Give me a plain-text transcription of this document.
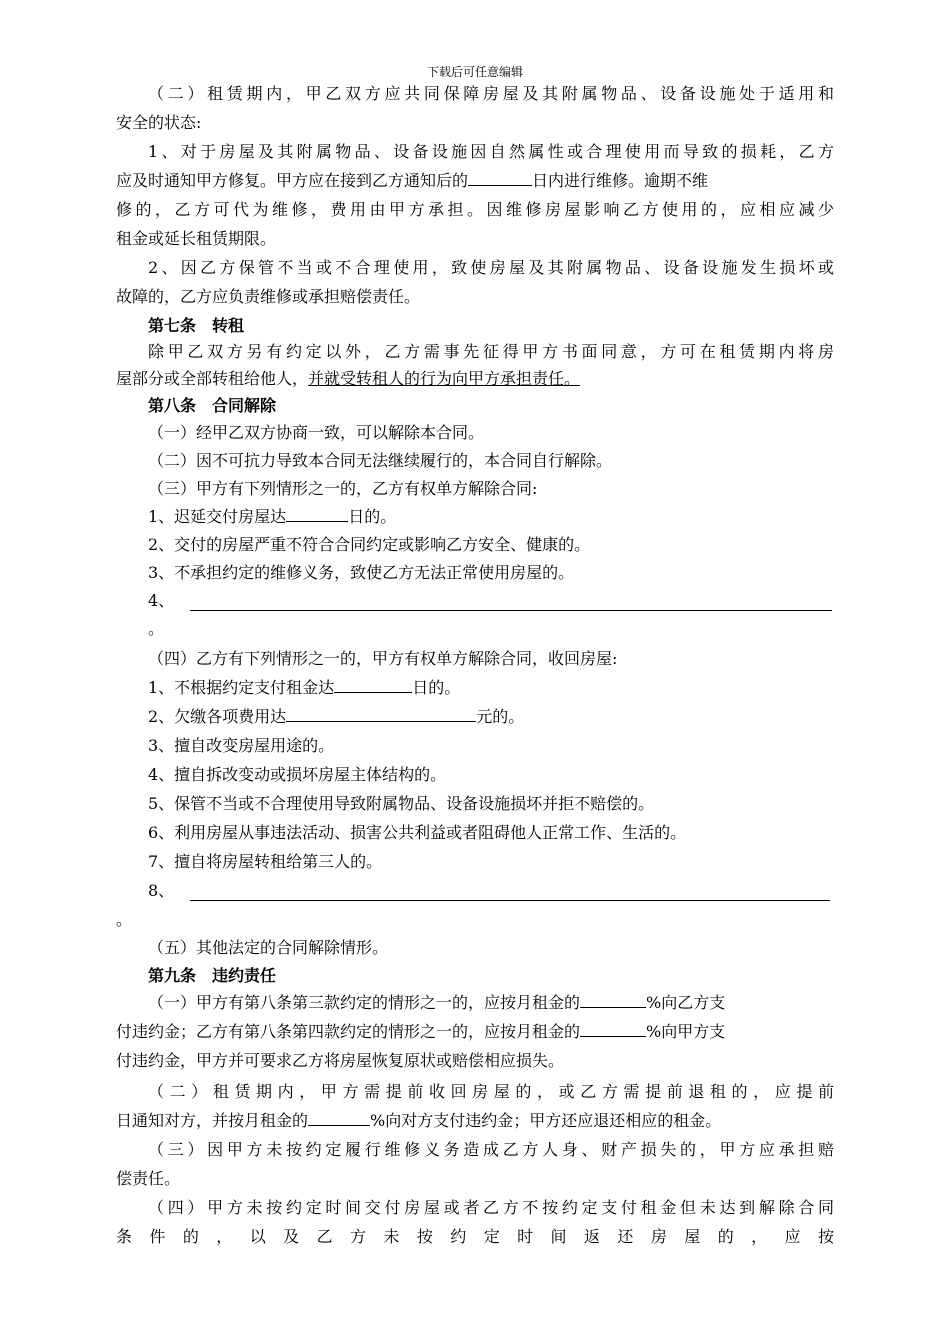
下载后可任意编辑
（二）租赁期内，甲乙双方应共同保障房屋及其附属物品、设备设施处于适用和
安全的状态:
1、对于房屋及其附属物品、设备设施因自然属性或合理使用而导致的损耗，乙方
应及时通知甲方修复。甲方应在接到乙方通知后的	日内进行维修。逾期不维
修的，乙方可代为维修，费用由甲方承担。因维修房屋影响乙方使用的，应相应减少
租金或延长租赁期限。
2、因乙方保管不当或不合理使用，致使房屋及其附属物品、设备设施发生损坏或
故障的，乙方应负责维修或承担赔偿责任。
第七条　转租
除甲乙双方另有约定以外，乙方需事先征得甲方书面同意，方可在租赁期内将房
屋部分或全部转租给他人，并就受转租人的行为向甲方承担责任。
第八条　合同解除
（一）经甲乙双方协商一致，可以解除本合同。
（二）因不可抗力导致本合同无法继续履行的，本合同自行解除。
（三）甲方有下列情形之一的，乙方有权单方解除合同:
1、迟延交付房屋达	日的。
2、交付的房屋严重不符合合同约定或影响乙方安全、健康的。
3、不承担约定的维修义务，致使乙方无法正常使用房屋的。
4、
。
（四）乙方有下列情形之一的，甲方有权单方解除合同，收回房屋:
1、不根据约定支付租金达	日的。
2、欠缴各项费用达	元的。
3、擅自改变房屋用途的。
4、擅自拆改变动或损坏房屋主体结构的。
5、保管不当或不合理使用导致附属物品、设备设施损坏并拒不赔偿的。
6、利用房屋从事违法活动、损害公共利益或者阻碍他人正常工作、生活的。
7、擅自将房屋转租给第三人的。
8、
。
（五）其他法定的合同解除情形。
第九条　违约责任
（一）甲方有第八条第三款约定的情形之一的，应按月租金的	%向乙方支
付违约金；乙方有第八条第四款约定的情形之一的，应按月租金的	%向甲方支
付违约金，甲方并可要求乙方将房屋恢复原状或赔偿相应损失。
（二）租赁期内，甲方需提前收回房屋的，或乙方需提前退租的，应提前
日通知对方，并按月租金的	%向对方支付违约金；甲方还应退还相应的租金。
（三）因甲方未按约定履行维修义务造成乙方人身、财产损失的，甲方应承担赔
偿责任。
（四）甲方未按约定时间交付房屋或者乙方不按约定支付租金但未达到解除合同
条件的，以及乙方未按约定时间返还房屋的，应按
